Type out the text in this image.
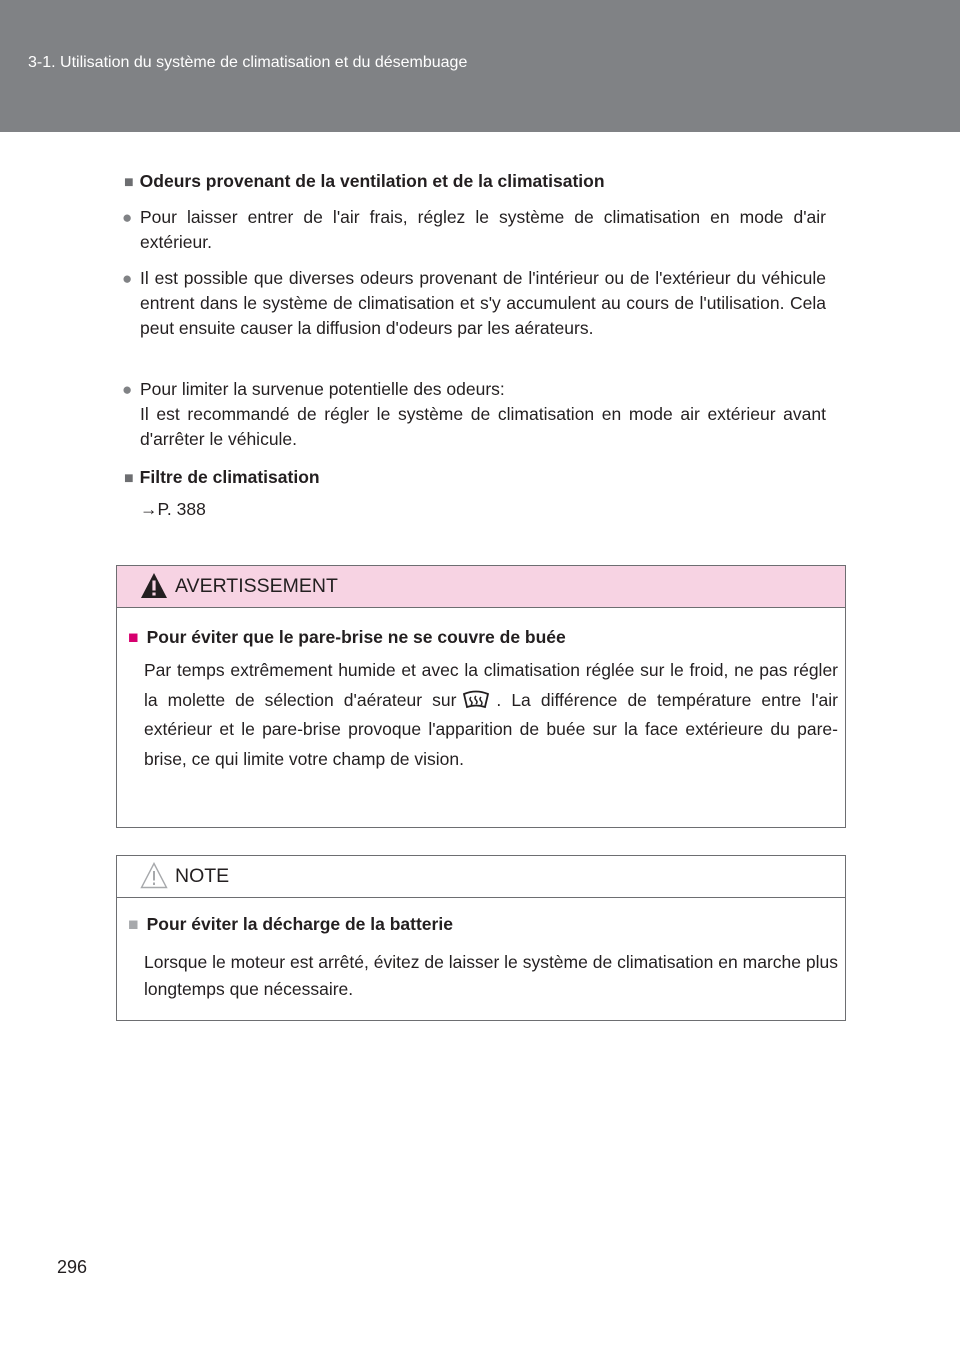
3-1. Utilisation du système de climatisation et du désembuage
■ Odeurs provenant de la ventilation et de la climatisation
● Pour laisser entrer de l'air frais, réglez le système de climatisation en mode d'air extérieur.

● Il est possible que diverses odeurs provenant de l'intérieur ou de l'extérieur du véhicule entrent dans le système de climatisation et s'y accumulent au cours de l'utilisation. Cela peut ensuite causer la diffusion d'odeurs par les aérateurs.

● Pour limiter la survenue potentielle des odeurs:

Il est recommandé de régler le système de climatisation en mode air extérieur avant d'arrêter le véhicule.

■ Filtre de climatisation
→P. 388
AVERTISSEMENT
■ Pour éviter que le pare-brise ne se couvre de buée
Par temps extrêmement humide et avec la climatisation réglée sur le froid, ne pas régler la molette de sélection d'aérateur sur . La différence de température entre l'air extérieur et le pare-brise provoque l'apparition de buée sur la face extérieure du pare-brise, ce qui limite votre champ de vision.
NOTE
■ Pour éviter la décharge de la batterie
Lorsque le moteur est arrêté, évitez de laisser le système de climatisation en marche plus longtemps que nécessaire.
296
